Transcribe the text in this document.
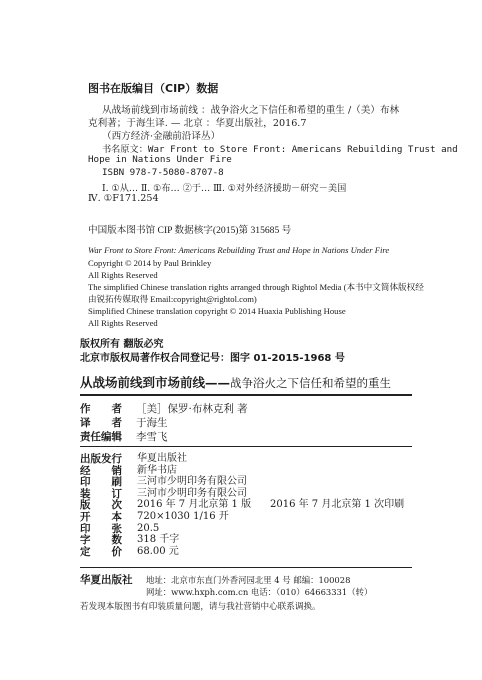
图书在版编目（CIP）数据
从战场前线到市场前线 ：战争浴火之下信任和希望的重生 /（美）布林
克利著；于海生译. — 北京 ：华夏出版社，2016.7
（西方经济·金融前沿译丛）
书名原文：War Front to Store Front: Americans Rebuilding Trust and
Hope in Nations Under Fire
ISBN 978-7-5080-8707-8
Ⅰ. ①从… Ⅱ. ①布… ②于… Ⅲ. ①对外经济援助－研究－美国
Ⅳ. ①F171.254
中国版本图书馆 CIP 数据核字(2015)第 315685 号
War Front to Store Front: Americans Rebuilding Trust and Hope in Nations Under Fire
Copyright © 2014 by Paul Brinkley
All Rights Reserved
The simplified Chinese translation rights arranged through Rightol Media (本书中文简体版权经由锐拓传媒取得 Email:copyright@rightol.com)
Simplified Chinese translation copyright © 2014 Huaxia Publishing House
All Rights Reserved
版权所有 翻版必究
北京市版权局著作权合同登记号：图字 01-2015-1968 号
从战场前线到市场前线——战争浴火之下信任和希望的重生
作　　者	［美］保罗·布林克利 著
译　　者	于海生
责任编辑	李雪飞
出版发行	华夏出版社
经　　销	新华书店
印　　刷	三河市少明印务有限公司
装　　订	三河市少明印务有限公司
版　　次	2016 年 7 月北京第 1 版 2016 年 7 月北京第 1 次印刷
开　　本	720×1030 1/16 开
印　　张	20.5
字　　数	318 千字
定　　价	68.00 元
华夏出版社 地址：北京市东直门外香河园北里 4 号 邮编：100028
网址：www.hxph.com.cn 电话：（010）64663331（转）
若发现本版图书有印装质量问题，请与我社营销中心联系调换。
